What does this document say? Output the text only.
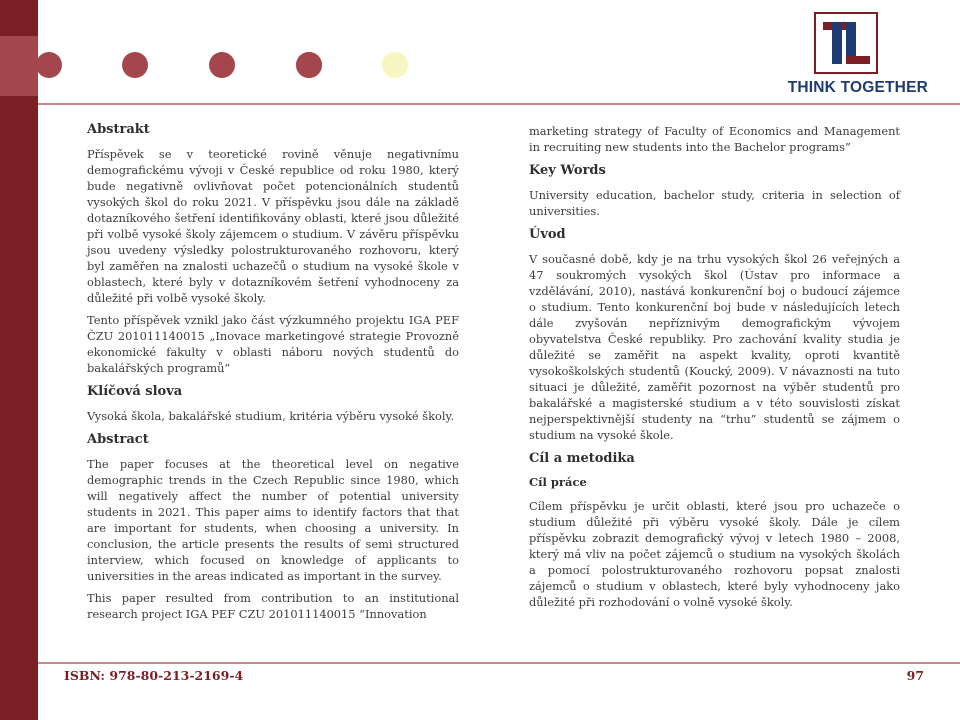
THINK TOGETHER
Abstrakt

Příspěvek se v teoretické rovině věnuje negativnímu demografickému vývoji v České republice od roku 1980, který bude negativně ovlivňovat počet potencionálních studentů vysokých škol do roku 2021. V příspěvku jsou dále na základě dotazníkového šetření identifikovány oblasti, které jsou důležité při volbě vysoké školy zájemcem o studium. V závěru příspěvku jsou uvedeny výsledky polostrukturovaného rozhovoru, který byl zaměřen na znalosti uchazečů o studium na vysoké škole v oblastech, které byly v dotazníkovém šetření vyhodnoceny za důležité při volbě vysoké školy.

Tento příspěvek vznikl jako část výzkumného projektu IGA PEF ČZU 201011140015 „Inovace marketingové strategie Provozně ekonomické fakulty v oblasti náboru nových studentů do bakalářských programů“

Klíčová slova

Vysoká škola, bakalářské studium, kritéria výběru vysoké školy.

Abstract

The paper focuses at the theoretical level on negative demographic trends in the Czech Republic since 1980, which will negatively affect the number of potential university students in 2021. This paper aims to identify factors that that are important for students, when choosing a university. In conclusion, the article presents the results of semi structured interview, which focused on knowledge of applicants to universities in the areas indicated as important in the survey.

This paper resulted from contribution to an institutional research project IGA PEF CZU 201011140015 “Innovation

marketing strategy of Faculty of Economics and Management in recruiting new students into the Bachelor programs”

Key Words

University education, bachelor study, criteria in selection of universities.

Úvod

V současné době, kdy je na trhu vysokých škol 26 veřejných a 47 soukromých vysokých škol (Ústav pro informace a vzdělávání, 2010), nastává konkurenční boj o budoucí zájemce o studium. Tento konkurenční boj bude v následujících letech dále zvyšován nepříznivým demografickým vývojem obyvatelstva České republiky. Pro zachování kvality studia je důležité se zaměřit na aspekt kvality, oproti kvantitě vysokoškolských studentů (Koucký, 2009). V návaznosti na tuto situaci je důležité, zaměřit pozornost na výběr studentů pro bakalářské a magisterské studium a v této souvislosti získat nejperspektivnější studenty na “trhu” studentů se zájmem o studium na vysoké škole.

Cíl a metodika
Cíl práce

Cílem příspěvku je určit oblasti, které jsou pro uchazeče o studium důležité při výběru vysoké školy. Dále je cílem příspěvku zobrazit demografický vývoj v letech 1980 – 2008, který má vliv na počet zájemců o studium na vysokých školách a pomocí polostrukturovaného rozhovoru popsat znalosti zájemců o studium v oblastech, které byly vyhodnoceny jako důležité při rozhodování o volně vysoké školy.

ISBN: 978-80-213-2169-4	97
